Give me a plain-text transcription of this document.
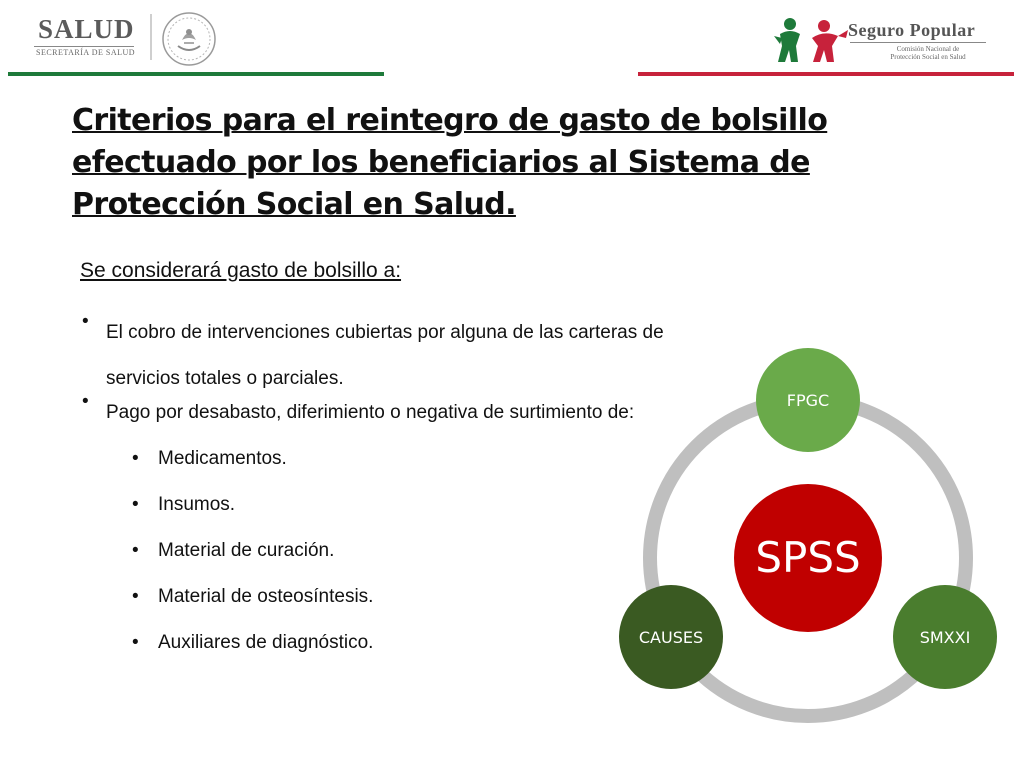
SALUD
SECRETARÍA DE SALUD
Seguro Popular
Comisión Nacional de
Protección Social en Salud
Criterios para el reintegro de gasto de bolsillo efectuado por los beneficiarios al Sistema de Protección Social en Salud.

Se considerará gasto de bolsillo a:

•
El cobro de intervenciones cubiertas por alguna de las carteras de servicios totales o parciales.
•
Pago por desabasto, diferimiento o negativa de surtimiento de:
• Medicamentos.
• Insumos.
• Material de curación.
• Material de osteosíntesis.
• Auxiliares de diagnóstico.
FPGC
SMXXI
CAUSES
SPSS
